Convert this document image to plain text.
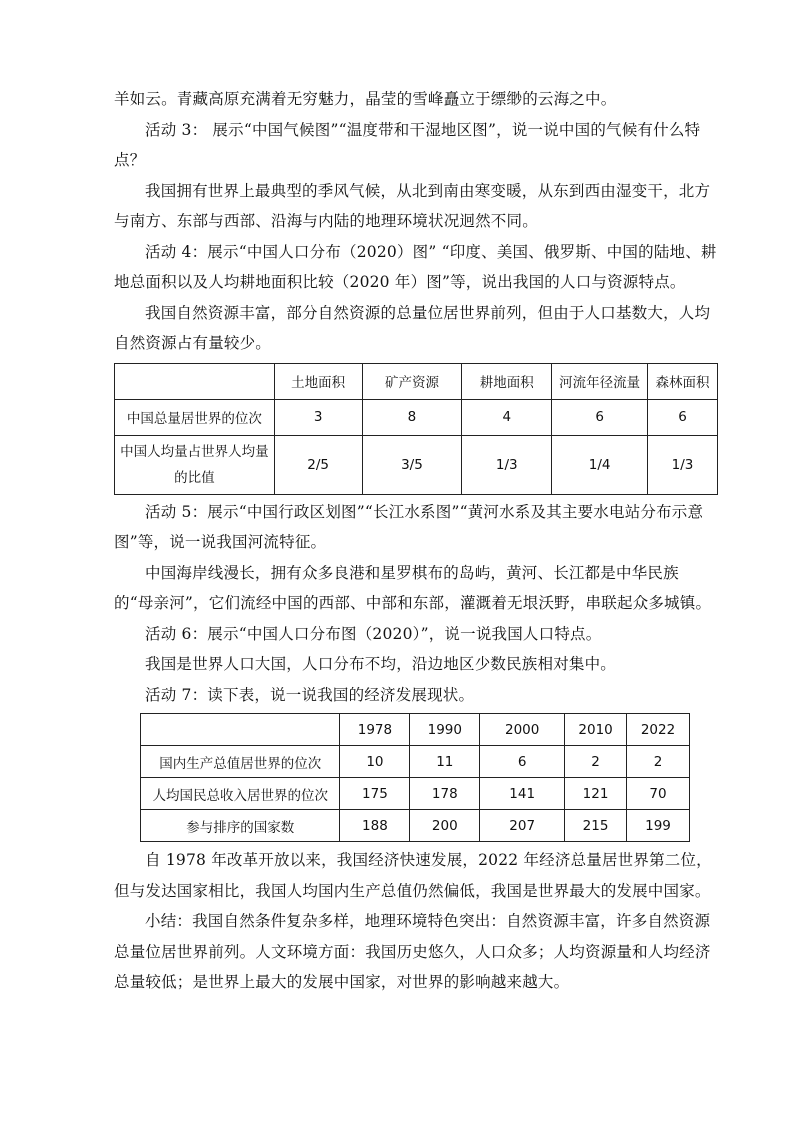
羊如云。青藏高原充满着无穷魅力，晶莹的雪峰矗立于缥缈的云海之中。

活动 3： 展示“中国气候图”“温度带和干湿地区图”，说一说中国的气候有什么特点？

我国拥有世界上最典型的季风气候，从北到南由寒变暖，从东到西由湿变干，北方与南方、东部与西部、沿海与内陆的地理环境状况迥然不同。

活动 4：展示“中国人口分布（2020）图” “印度、美国、俄罗斯、中国的陆地、耕地总面积以及人均耕地面积比较（2020 年）图”等，说出我国的人口与资源特点。

我国自然资源丰富，部分自然资源的总量位居世界前列，但由于人口基数大，人均自然资源占有量较少。

	土地面积	矿产资源	耕地面积	河流年径流量	森林面积
中国总量居世界的位次	3	8	4	6	6
中国人均量占世界人均量的比值	2/5	3/5	1/3	1/4	1/3

活动 5：展示“中国行政区划图”“长江水系图”“黄河水系及其主要水电站分布示意图”等，说一说我国河流特征。

中国海岸线漫长，拥有众多良港和星罗棋布的岛屿，黄河、长江都是中华民族的“母亲河”，它们流经中国的西部、中部和东部，灌溉着无垠沃野，串联起众多城镇。

活动 6：展示“中国人口分布图（2020）”，说一说我国人口特点。

我国是世界人口大国，人口分布不均，沿边地区少数民族相对集中。

活动 7：读下表，说一说我国的经济发展现状。

	1978	1990	2000	2010	2022
国内生产总值居世界的位次	10	11	6	2	2
人均国民总收入居世界的位次	175	178	141	121	70
参与排序的国家数	188	200	207	215	199

自 1978 年改革开放以来，我国经济快速发展，2022 年经济总量居世界第二位，但与发达国家相比，我国人均国内生产总值仍然偏低，我国是世界最大的发展中国家。

小结：我国自然条件复杂多样，地理环境特色突出：自然资源丰富，许多自然资源总量位居世界前列。人文环境方面：我国历史悠久，人口众多；人均资源量和人均经济总量较低；是世界上最大的发展中国家，对世界的影响越来越大。
